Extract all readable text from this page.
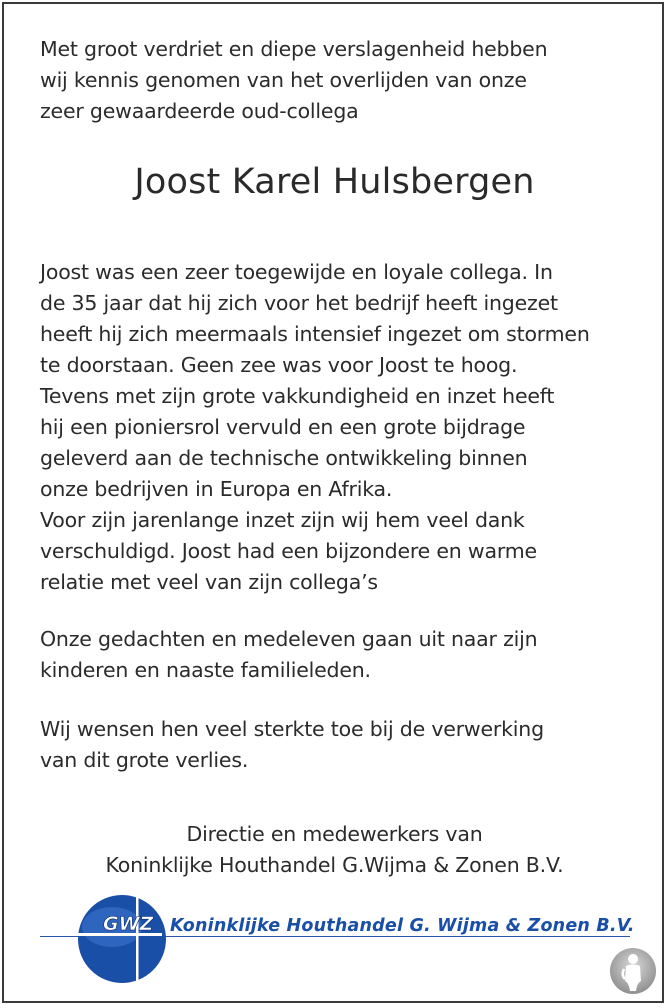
Met groot verdriet en diepe verslagenheid hebben
wij kennis genomen van het overlijden van onze
zeer gewaardeerde oud-collega
Joost Karel Hulsbergen
Joost was een zeer toegewijde en loyale collega. In
de 35 jaar dat hij zich voor het bedrijf heeft ingezet
heeft hij zich meermaals intensief ingezet om stormen
te doorstaan. Geen zee was voor Joost te hoog.
Tevens met zijn grote vakkundigheid en inzet heeft
hij een pioniersrol vervuld en een grote bijdrage
geleverd aan de technische ontwikkeling binnen
onze bedrijven in Europa en Afrika.
Voor zijn jarenlange inzet zijn wij hem veel dank
verschuldigd. Joost had een bijzondere en warme
relatie met veel van zijn collega’s
Onze gedachten en medeleven gaan uit naar zijn
kinderen en naaste familieleden.
Wij wensen hen veel sterkte toe bij de verwerking
van dit grote verlies.
Directie en medewerkers van
Koninklijke Houthandel G.Wijma & Zonen B.V.
GWZ Koninklijke Houthandel G. Wijma & Zonen B.V.
